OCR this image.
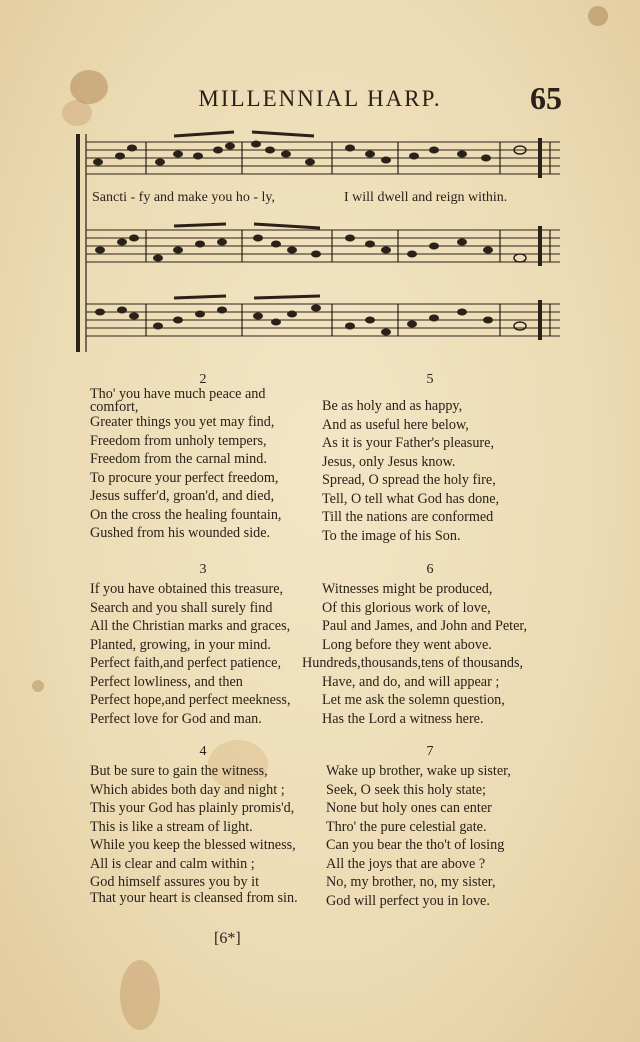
MILLENNIAL HARP.	65
Sancti - fy and make you ho - ly,	I will dwell and reign within.
2
Tho' you have much peace and comfort,
Greater things you yet may find,
Freedom from unholy tempers,
Freedom from the carnal mind.
To procure your perfect freedom,
Jesus suffer'd, groan'd, and died,
On the cross the healing fountain,
Gushed from his wounded side.
5
Be as holy and as happy,
And as useful here below,
As it is your Father's pleasure,
Jesus, only Jesus know.
Spread, O spread the holy fire,
Tell, O tell what God has done,
Till the nations are conformed
To the image of his Son.
3
If you have obtained this treasure,
Search and you shall surely find
All the Christian marks and graces,
Planted, growing, in your mind.
Perfect faith,and perfect patience,
Perfect lowliness, and then
Perfect hope,and perfect meekness,
Perfect love for God and man.
6
Witnesses might be produced,
Of this glorious work of love,
Paul and James, and John and Peter,
Long before they went above.
Hundreds,thousands,tens of thousands,
Have, and do, and will appear ;
Let me ask the solemn question,
Has the Lord a witness here.
4
But be sure to gain the witness,
Which abides both day and night ;
This your God has plainly promis'd,
This is like a stream of light.
While you keep the blessed witness,
All is clear and calm within ;
God himself assures you by it
That your heart is cleansed from sin.
7
Wake up brother, wake up sister,
Seek, O seek this holy state;
None but holy ones can enter
Thro' the pure celestial gate.
Can you bear the tho't of losing
All the joys that are above ?
No, my brother, no, my sister,
God will perfect you in love.
[6*]
